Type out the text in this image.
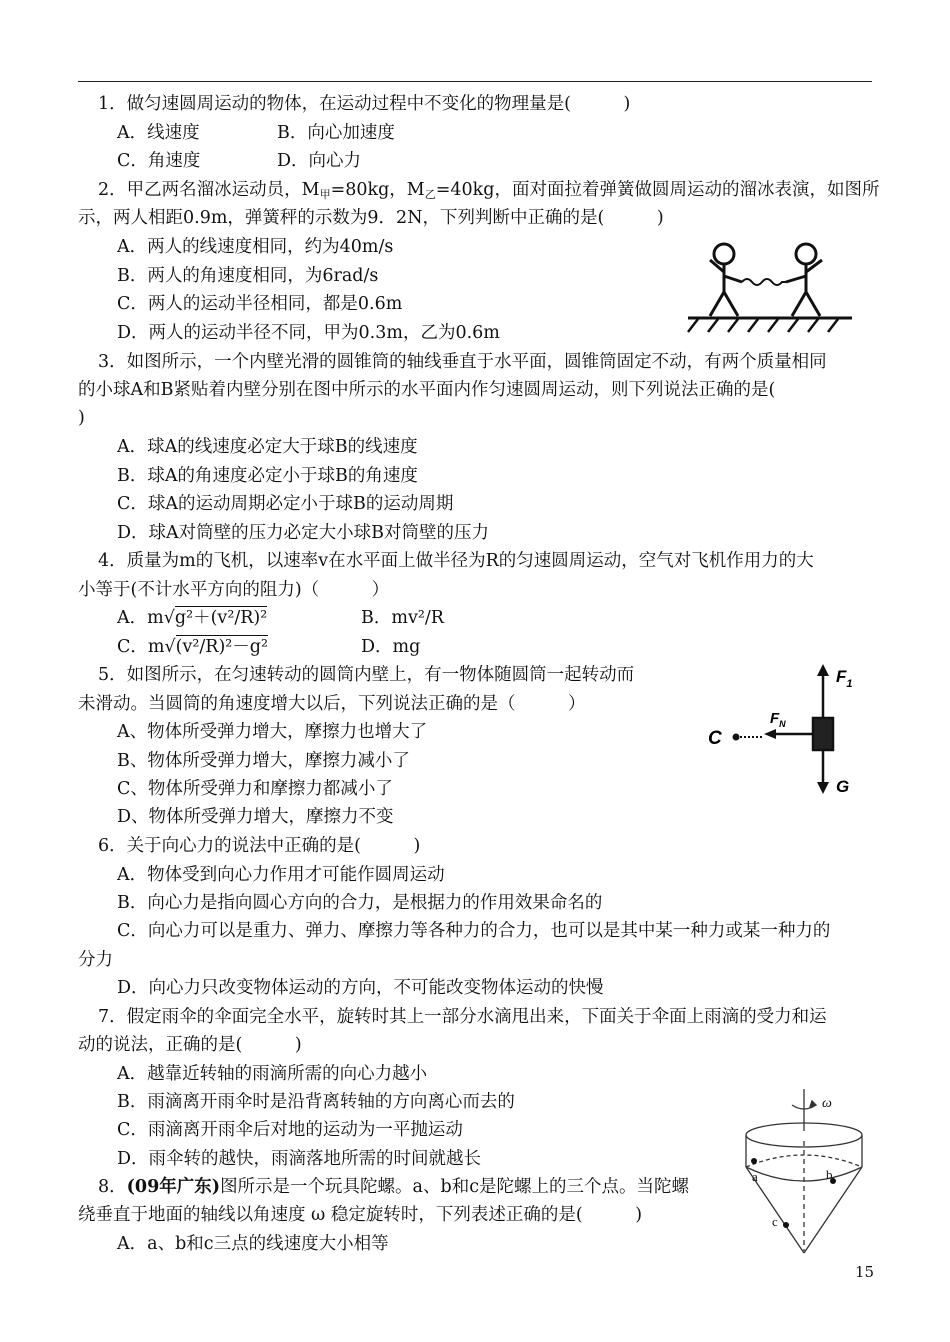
1．做匀速圆周运动的物体，在运动过程中不变化的物理量是(　　　)
A．线速度	B．向心加速度
C．角速度	D．向心力
2．甲乙两名溜冰运动员，$M_甲=80kg$，$M_乙=40kg$，面对面拉着弹簧做圆周运动的溜冰表演，如图所
示，两人相距0.9m，弹簧秤的示数为9．2N，下列判断中正确的是(　　　)
A．两人的线速度相同，约为40m/s
B．两人的角速度相同，为6rad/s
C．两人的运动半径相同，都是0.6m
D．两人的运动半径不同，甲为0.3m，乙为0.6m
3．如图所示，一个内壁光滑的圆锥筒的轴线垂直于水平面，圆锥筒固定不动，有两个质量相同
的小球A和B紧贴着内壁分别在图中所示的水平面内作匀速圆周运动，则下列说法正确的是(
)
A．球A的线速度必定大于球B的线速度
B．球A的角速度必定小于球B的角速度
C．球A的运动周期必定小于球B的运动周期
D．球A对筒壁的压力必定大小球B对筒壁的压力
4．质量为m的飞机，以速率v在水平面上做半径为R的匀速圆周运动，空气对飞机作用力的大
小等于(不计水平方向的阻力)（　　　）
A．m√g²＋(v²/R)²	B．mv²/R
C．m√(v²/R)²－g²	D．mg
5．如图所示，在匀速转动的圆筒内壁上，有一物体随圆筒一起转动而
未滑动。当圆筒的角速度增大以后，下列说法正确的是（　　　）
A、物体所受弹力增大，摩擦力也增大了
B、物体所受弹力增大，摩擦力减小了
C、物体所受弹力和摩擦力都减小了
D、物体所受弹力增大，摩擦力不变
$F_1$
$F_N$
C
G
6．关于向心力的说法中正确的是(　　　)
A．物体受到向心力作用才可能作圆周运动
B．向心力是指向圆心方向的合力，是根据力的作用效果命名的
C．向心力可以是重力、弹力、摩擦力等各种力的合力，也可以是其中某一种力或某一种力的
分力
D．向心力只改变物体运动的方向，不可能改变物体运动的快慢
7．假定雨伞的伞面完全水平，旋转时其上一部分水滴甩出来，下面关于伞面上雨滴的受力和运
动的说法，正确的是(　　　)
A．越靠近转轴的雨滴所需的向心力越小
B．雨滴离开雨伞时是沿背离转轴的方向离心而去的
C．雨滴离开雨伞后对地的运动为一平抛运动
D．雨伞转的越快，雨滴落地所需的时间就越长
8．(09年广东)图所示是一个玩具陀螺。a、b和c是陀螺上的三个点。当陀螺
绕垂直于地面的轴线以角速度 ω 稳定旋转时，下列表述正确的是(　　　)
A．a、b和c三点的线速度大小相等
ω
a	b
c
15
